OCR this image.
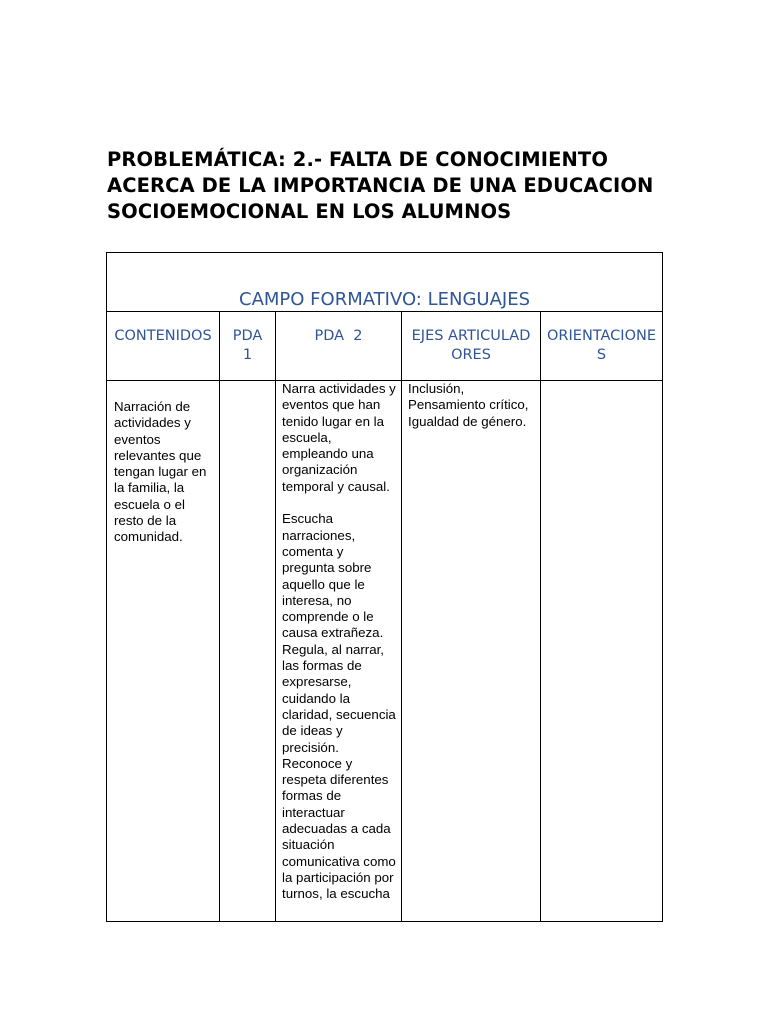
PROBLEMÁTICA: 2.- FALTA DE CONOCIMIENTO ACERCA DE LA IMPORTANCIA DE UNA EDUCACION SOCIOEMOCIONAL EN LOS ALUMNOS
CAMPO FORMATIVO: LENGUAJES				
CONTENIDOS	PDA 1	PDA  2	EJES ARTICULADORES	ORIENTACIONES

Narración de actividades y eventos relevantes que tengan lugar en la familia, la escuela o el resto de la comunidad.		Narra actividades y eventos que han tenido lugar en la escuela, empleando una organización temporal y causal.

Escucha narraciones, comenta y pregunta sobre aquello que le interesa, no comprende o le causa extrañeza.
Regula, al narrar, las formas de expresarse, cuidando la claridad, secuencia de ideas y precisión.
Reconoce y respeta diferentes formas de interactuar adecuadas a cada situación comunicativa como la participación por turnos, la escucha	Inclusión, Pensamiento crítico, Igualdad de género.	
